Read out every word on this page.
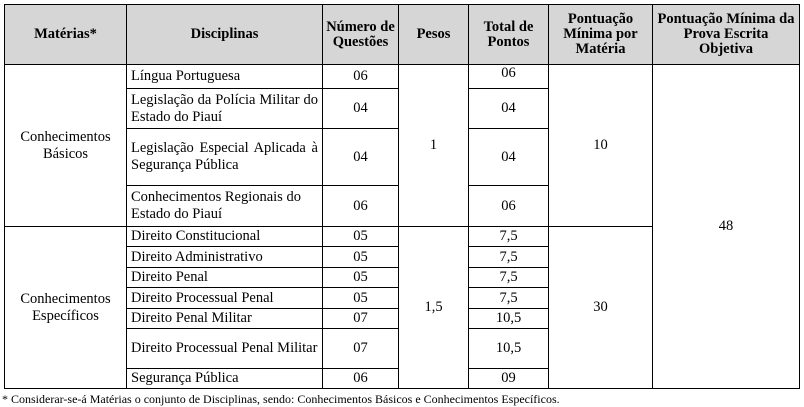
Matérias*	Disciplinas	Número de Questões	Pesos	Total de Pontos	Pontuação Mínima por Matéria	Pontuação Mínima da Prova Escrita Objetiva
Conhecimentos Básicos	Língua Portuguesa	06	1	06	10	48
	Legislação da Polícia Militar do Estado do Piauí	04		04		
	Legislação Especial Aplicada à Segurança Pública	04		04		
	Conhecimentos Regionais do Estado do Piauí	06		06		
Conhecimentos Específicos	Direito Constitucional	05	1,5	7,5	30	
	Direito Administrativo	05		7,5		
	Direito Penal	05		7,5		
	Direito Processual Penal	05		7,5		
	Direito Penal Militar	07		10,5		
	Direito Processual Penal Militar	07		10,5		
	Segurança Pública	06		09		
* Considerar-se-á Matérias o conjunto de Disciplinas, sendo: Conhecimentos Básicos e Conhecimentos Específicos.
